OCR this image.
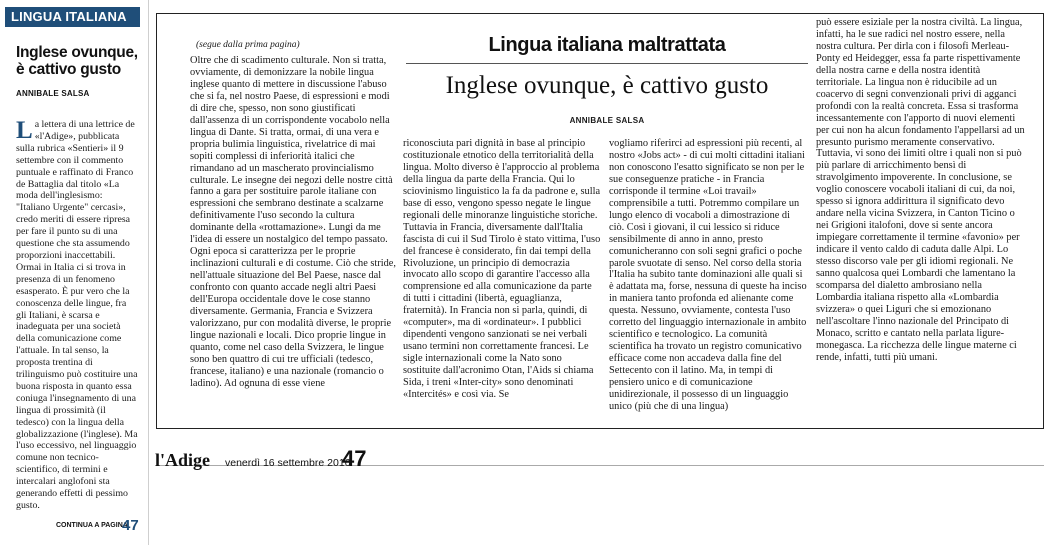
LINGUA ITALIANA
Inglese ovunque, è cattivo gusto
ANNIBALE SALSA
La lettera di una lettrice de «l'Adige», pubblicata sulla rubrica «Sentieri» il 9 settembre con il commento puntuale e raffinato di Franco de Battaglia dal titolo «La moda dell'inglesismo: "Italiano Urgente" cercasi», credo meriti di essere ripresa per fare il punto su di una questione che sta assumendo proporzioni inaccettabili. Ormai in Italia ci si trova in presenza di un fenomeno esasperato. È pur vero che la conoscenza delle lingue, fra gli Italiani, è scarsa e inadeguata per una società della comunicazione come l'attuale. In tal senso, la proposta trentina di trilinguismo può costituire una buona risposta in quanto essa coniuga l'insegnamento di una lingua di prossimità (il tedesco) con la lingua della globalizzazione (l'inglese). Ma l'uso eccessivo, nel linguaggio comune non tecnico-scientifico, di termini e intercalari anglofoni sta generando effetti di pessimo gusto.
CONTINUA A PAGINA
47
(segue dalla prima pagina)	Lingua italiana maltrattata
Inglese ovunque, è cattivo gusto
ANNIBALE SALSA
Oltre che di scadimento culturale. Non si tratta, ovviamente, di demonizzare la nobile lingua inglese quanto di mettere in discussione l'abuso che si fa, nel nostro Paese, di espressioni e modi di dire che, spesso, non sono giustificati dall'assenza di un corrispondente vocabolo nella lingua di Dante. Si tratta, ormai, di una vera e propria bulimia linguistica, rivelatrice di mai sopiti complessi di inferiorità italici che rimandano ad un mascherato provincialismo culturale. Le insegne dei negozi delle nostre città fanno a gara per sostituire parole italiane con espressioni che sembrano destinate a scalzarne definitivamente l'uso secondo la cultura dominante della «rottamazione». Lungi da me l'idea di essere un nostalgico del tempo passato. Ogni epoca si caratterizza per le proprie inclinazioni culturali e di costume. Ciò che stride, nell'attuale situazione del Bel Paese, nasce dal confronto con quanto accade negli altri Paesi dell'Europa occidentale dove le cose stanno diversamente. Germania, Francia e Svizzera valorizzano, pur con modalità diverse, le proprie lingue nazionali e locali. Dico proprie lingue in quanto, come nel caso della Svizzera, le lingue sono ben quattro di cui tre ufficiali (tedesco, francese, italiano) e una nazionale (romancio o ladino). Ad ognuna di esse viene
riconosciuta pari dignità in base al principio costituzionale etnotico della territorialità della lingua. Molto diverso è l'approccio al problema della lingua da parte della Francia. Qui lo sciovinismo linguistico la fa da padrone e, sulla base di esso, vengono spesso negate le lingue regionali delle minoranze linguistiche storiche. Tuttavia in Francia, diversamente dall'Italia fascista di cui il Sud Tirolo è stato vittima, l'uso del francese è considerato, fin dai tempi della Rivoluzione, un principio di democrazia invocato allo scopo di garantire l'accesso alla comprensione ed alla comunicazione da parte di tutti i cittadini (libertà, eguaglianza, fraternità). In Francia non si parla, quindi, di «computer», ma di «ordinateur». I pubblici dipendenti vengono sanzionati se nei verbali usano termini non correttamente francesi. Le sigle internazionali come la Nato sono sostituite dall'acronimo Otan, l'Aids si chiama Sida, i treni «Inter-city» sono denominati «Intercités» e così via. Se
vogliamo riferirci ad espressioni più recenti, al nostro «Jobs act» - di cui molti cittadini italiani non conoscono l'esatto significato se non per le sue conseguenze pratiche - in Francia corrisponde il termine «Loi travail» comprensibile a tutti. Potremmo compilare un lungo elenco di vocaboli a dimostrazione di ciò. Così i giovani, il cui lessico si riduce sensibilmente di anno in anno, presto comunicheranno con soli segni grafici o poche parole svuotate di senso. Nel corso della storia l'Italia ha subito tante dominazioni alle quali si è adattata ma, forse, nessuna di queste ha inciso in maniera tanto profonda ed alienante come questa. Nessuno, ovviamente, contesta l'uso corretto del linguaggio internazionale in ambito scientifico e tecnologico. La comunità scientifica ha trovato un registro comunicativo efficace come non accadeva dalla fine del Settecento con il latino. Ma, in tempi di pensiero unico e di comunicazione unidirezionale, il possesso di un linguaggio unico (più che di una lingua)
può essere esiziale per la nostra civiltà. La lingua, infatti, ha le sue radici nel nostro essere, nella nostra cultura. Per dirla con i filosofi Merleau-Ponty ed Heidegger, essa fa parte rispettivamente della nostra carne e della nostra identità territoriale. La lingua non è riducibile ad un coacervo di segni convenzionali privi di agganci profondi con la realtà concreta. Essa si trasforma incessantemente con l'apporto di nuovi elementi per cui non ha alcun fondamento l'appellarsi ad un presunto purismo meramente conservativo. Tuttavia, vi sono dei limiti oltre i quali non si può più parlare di arricchimento bensì di stravolgimento impoverente. In conclusione, se voglio conoscere vocaboli italiani di cui, da noi, spesso si ignora addirittura il significato devo andare nella vicina Svizzera, in Canton Ticino o nei Grigioni italofoni, dove si sente ancora impiegare correttamente il termine «favonio» per indicare il vento caldo di caduta dalle Alpi. Lo stesso discorso vale per gli idiomi regionali. Ne sanno qualcosa quei Lombardi che lamentano la scomparsa del dialetto ambrosiano nella Lombardia italiana rispetto alla «Lombardia svizzera» o quei Liguri che si emozionano nell'ascoltare l'inno nazionale del Principato di Monaco, scritto e cantato nella parlata ligure-monegasca. La ricchezza delle lingue materne ci rende, infatti, tutti più umani.
l'Adige venerdì 16 settembre 2016
47
